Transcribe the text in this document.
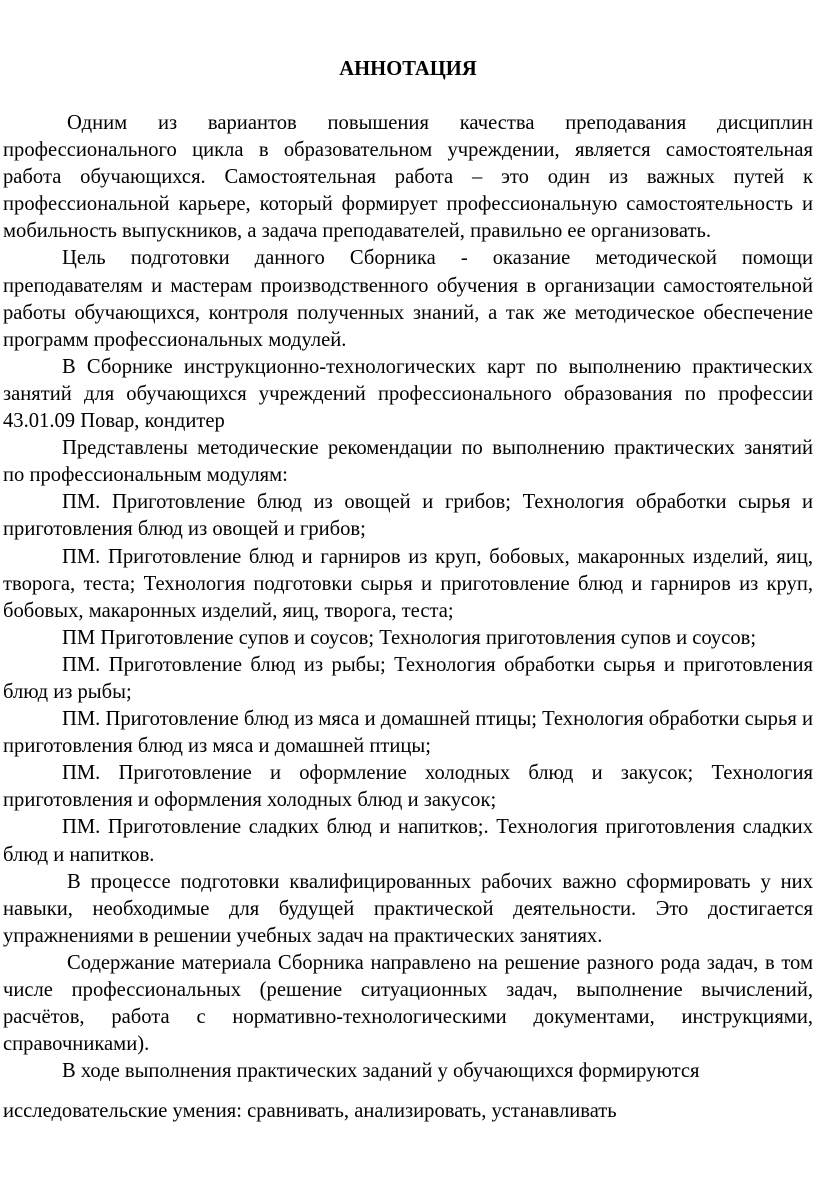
АННОТАЦИЯ

Одним из вариантов повышения качества преподавания дисциплин профессионального цикла в образовательном учреждении, является самостоятельная работа обучающихся. Самостоятельная работа – это один из важных путей к профессиональной карьере, который формирует профессиональную самостоятельность и мобильность выпускников, а задача преподавателей, правильно ее организовать.

Цель подготовки данного Сборника - оказание методической помощи преподавателям и мастерам производственного обучения в организации самостоятельной работы обучающихся, контроля полученных знаний, а так же методическое обеспечение программ профессиональных модулей.

В Сборнике инструкционно-технологических карт по выполнению практических занятий для обучающихся учреждений профессионального образования по профессии 43.01.09 Повар, кондитер

Представлены методические рекомендации по выполнению практических занятий по профессиональным модулям:

ПМ. Приготовление блюд из овощей и грибов; Технология обработки сырья и приготовления блюд из овощей и грибов;

ПМ. Приготовление блюд и гарниров из круп, бобовых, макаронных изделий, яиц, творога, теста; Технология подготовки сырья и приготовление блюд и гарниров из круп, бобовых, макаронных изделий, яиц, творога, теста;

ПМ Приготовление супов и соусов; Технология приготовления супов и соусов;

ПМ. Приготовление блюд из рыбы; Технология обработки сырья и приготовления блюд из рыбы;

ПМ. Приготовление блюд из мяса и домашней птицы; Технология обработки сырья и приготовления блюд из мяса и домашней птицы;

ПМ. Приготовление и оформление холодных блюд и закусок; Технология приготовления и оформления холодных блюд и закусок;

ПМ. Приготовление сладких блюд и напитков;. Технология приготовления сладких блюд и напитков.

В процессе подготовки квалифицированных рабочих важно сформировать у них навыки, необходимые для будущей практической деятельности. Это достигается упражнениями в решении учебных задач на практических занятиях.

Содержание материала Сборника направлено на решение разного рода задач, в том числе профессиональных (решение ситуационных задач, выполнение вычислений, расчётов, работа с нормативно-технологическими документами, инструкциями, справочниками).

В ходе выполнения практических заданий у обучающихся формируются

исследовательские умения: сравнивать, анализировать, устанавливать
